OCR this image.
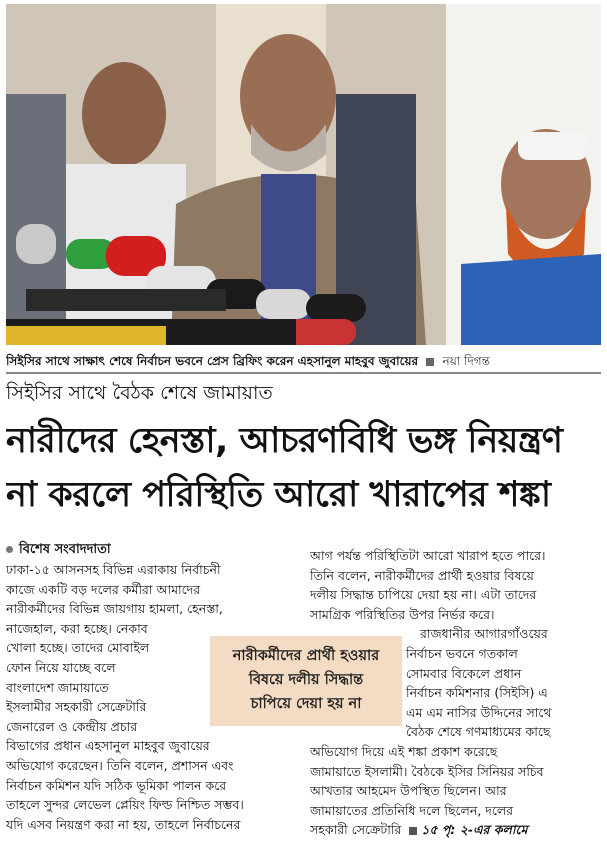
সিইসির সাথে সাক্ষাৎ শেষে নির্বাচন ভবনে প্রেস ব্রিফিং করেন এহসানুল মাহবুব জুবায়ের নয়া দিগন্ত
সিইসির সাথে বৈঠক শেষে জামায়াত
নারীদের হেনস্তা, আচরণবিধি ভঙ্গ নিয়ন্ত্রণ
না করলে পরিস্থিতি আরো খারাপের শঙ্কা
বিশেষ সংবাদদাতা
ঢাকা-১৫ আসনসহ বিভিন্ন এরাকায় নির্বাচনী
কাজে একটি বড় দলের কর্মীরা আমাদের
নারীকর্মীদের বিভিন্ন জায়গায় হামলা, হেনস্তা,
নাজেহাল, করা হচ্ছে। নেকাব
খোলা হচ্ছে। তাদের মোবাইল
ফোন নিয়ে যাচ্ছে বলে
বাংলাদেশ জামায়াতে
ইসলামীর সহকারী সেক্রেটারি
জেনারেল ও কেন্দ্রীয় প্রচার
বিভাগের প্রধান এহসানুল মাহবুব জুবায়ের
অভিযোগ করেছেন। তিনি বলেন, প্রশাসন এবং
নির্বাচন কমিশন যদি সঠিক ভূমিকা পালন করে
তাহলে সুন্দর লেভেল প্লেয়িং ফিল্ড নিশ্চিত সম্ভব।
যদি এসব নিয়ন্ত্রণ করা না হয়, তাহলে নির্বাচনের
আগ পর্যন্ত পরিস্থিতিটা আরো খারাপ হতে পারে।
তিনি বলেন, নারীকর্মীদের প্রার্থী হওয়ার বিষয়ে
দলীয় সিদ্ধান্ত চাপিয়ে দেয়া হয় না। এটা তাদের
সামগ্রিক পরিস্থিতির উপর নির্ভর করে।
রাজধানীর আগারগাঁওয়ের
নির্বাচন ভবনে গতকাল
সোমবার বিকেলে প্রধান
নির্বাচন কমিশনার (সিইসি) এ
এম এম নাসির উদ্দিনের সাথে
বৈঠক শেষে গণমাধ্যমের কাছে
অভিযোগ দিয়ে এই শঙ্কা প্রকাশ করেছে
জামায়াতে ইসলামী। বৈঠকে ইসির সিনিয়র সচিব
আখতার আহমেদ উপস্থিত ছিলেন। আর
জামায়াতের প্রতিনিধি দলে ছিলেন, দলের
সহকারী সেক্রেটারি ১৫ পৃ: ২-এর কলামে
নারীকর্মীদের প্রার্থী হওয়ার
বিষয়ে দলীয় সিদ্ধান্ত
চাপিয়ে দেয়া হয় না
